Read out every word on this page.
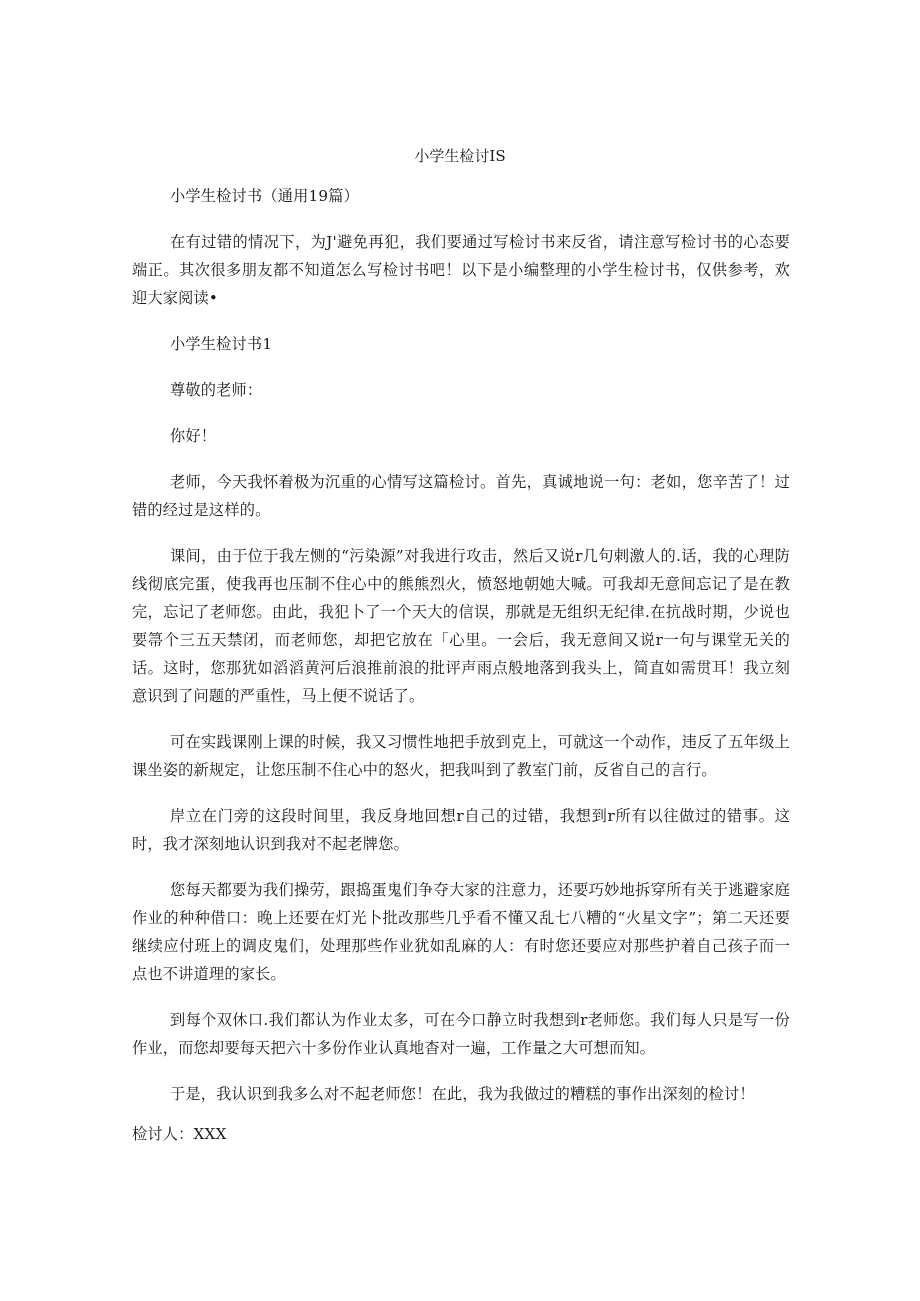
小学生检讨IS

小学生检讨书（通用19篇）

在有过错的情况下，为J'避免再犯，我们要通过写检讨书来反省，请注意写检讨书的心态要端正。其次很多朋友都不知道怎么写检讨书吧！以下是小编整理的小学生检讨书，仅供参考，欢迎大家阅读•

小学生检讨书1

尊敬的老师：

你好！

老师，今天我怀着极为沉重的心情写这篇检讨。首先，真诚地说一句：老如，您辛苦了！过错的经过是这样的。

课间，由于位于我左恻的“污染源”对我进行攻击，然后又说r几句剌激人的.话，我的心理防线彻底完蛋，使我再也压制不住心中的熊熊烈火，愤怒地朝她大喊。可我却无意间忘记了是在教完，忘记了老师您。由此，我犯卜了一个天大的信误，那就是无组织无纪律.在抗战时期，少说也要箒个三五天禁闭，而老师您，却把它放在「心里。一会后，我无意间又说r一句与课堂无关的话。这时，您那犹如滔滔黄河后浪推前浪的批评声雨点般地落到我头上，简直如需贯耳！我立刻意识到了问题的严重性，马上便不说话了。

可在实践课刚上课的时候，我又习惯性地把手放到克上，可就这一个动作，违反了五年级上课坐姿的新规定，让您压制不住心中的怒火，把我叫到了教室门前，反省自己的言行。

岸立在门旁的这段时间里，我反身地回想r自己的过错，我想到r所有以往做过的错事。这时，我才深刻地认识到我对不起老牌您。

您每天都要为我们操劳，跟捣蛋鬼们争夺大家的注意力，还要巧妙地拆穿所有关于逃避家庭作业的种种借口：晚上还要在灯光卜批改那些几乎看不懂又乱七八糟的“火星文字”；第二天还要继续应付班上的调皮鬼们，处理那些作业犹如乱麻的人：有时您还要应对那些护着自己孩子而一点也不讲道理的家长。

到每个双休口.我们都认为作业太多，可在今口静立时我想到r老师您。我们每人只是写一份作业，而您却要每天把六十多份作业认真地杳对一遍，工作量之大可想而知。

于是，我认识到我多么对不起老师您！在此，我为我做过的糟糕的事作出深刻的检讨！

检讨人：XXX
